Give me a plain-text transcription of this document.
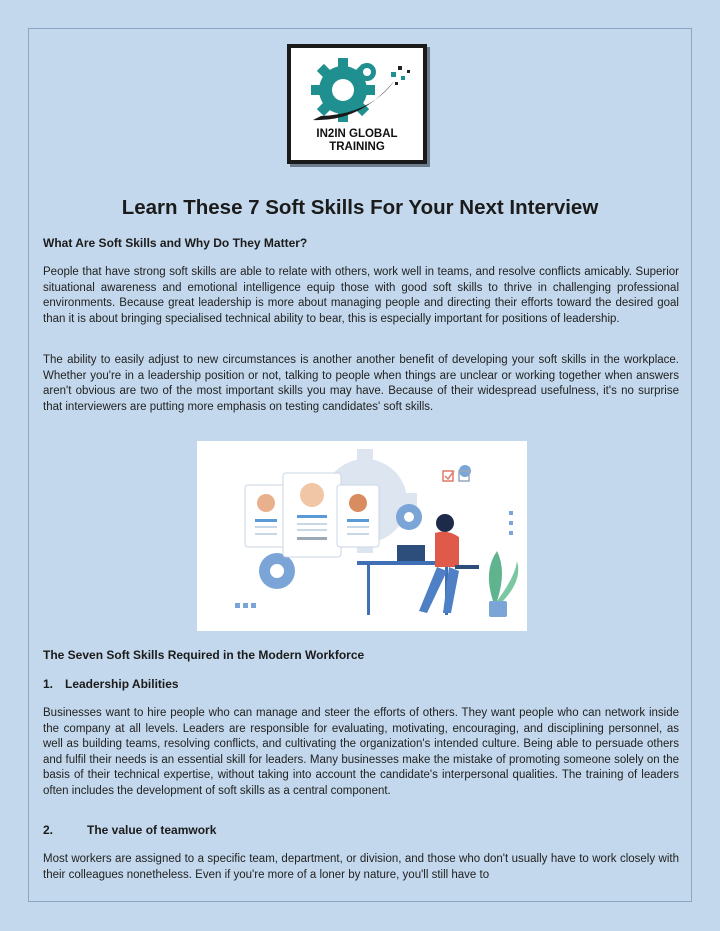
IN2IN GLOBAL
TRAINING
Learn These 7 Soft Skills For Your Next Interview

What Are Soft Skills and Why Do They Matter?

People that have strong soft skills are able to relate with others, work well in teams, and resolve conflicts amicably. Superior situational awareness and emotional intelligence equip those with good soft skills to thrive in challenging professional environments. Because great leadership is more about managing people and directing their efforts toward the desired goal than it is about bringing specialised technical ability to bear, this is especially important for positions of leadership.

The ability to easily adjust to new circumstances is another another benefit of developing your soft skills in the workplace. Whether you're in a leadership position or not, talking to people when things are unclear or working together when answers aren't obvious are two of the most important skills you may have. Because of their widespread usefulness, it's no surprise that interviewers are putting more emphasis on testing candidates' soft skills.

The Seven Soft Skills Required in the Modern Workforce

1. Leadership Abilities

Businesses want to hire people who can manage and steer the efforts of others. They want people who can network inside the company at all levels. Leaders are responsible for evaluating, motivating, encouraging, and disciplining personnel, as well as building teams, resolving conflicts, and cultivating the organization's intended culture. Being able to persuade others and fulfil their needs is an essential skill for leaders. Many businesses make the mistake of promoting someone solely on the basis of their technical expertise, without taking into account the candidate's interpersonal qualities. The training of leaders often includes the development of soft skills as a central component.

2.	The value of teamwork

Most workers are assigned to a specific team, department, or division, and those who don't usually have to work closely with their colleagues nonetheless. Even if you're more of a loner by nature, you'll still have to
